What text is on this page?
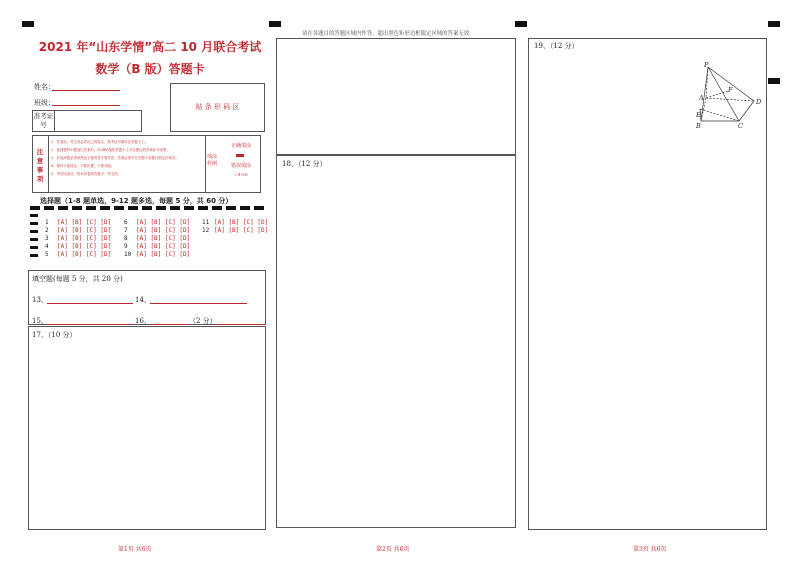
2021 年“山东学情”高二 10 月联合考试
数学（B 版）答题卡
姓名：
班级：
准考证
号
贴 条 形 码 区
注
意
事
项
1．答卷前，考生务必将自己的姓名、准考证号填写在答题卡上。
2．选择题每小题选出答案后，用2B铅笔把答题卡上对应题目的答案标号涂黑。
3．非选择题必须用黑色字迹的签字笔作答，答案必须写在答题卡各题目指定区域内。
4．保持卡面清洁，不要折叠，不要弄破。
5．考试结束后，将本试卷和答题卡一并交回。
填涂样例
正确填涂
错误填涂
✓✗⊙⊖
选择题（1-8 题单选，9-12 题多选，每题 5 分，共 60 分）
1 [A] [B] [C] [D]
2 [A] [B] [C] [D]
3 [A] [B] [C] [D]
4 [A] [B] [C] [D]
5 [A] [B] [C] [D]
6 [A] [B] [C] [D]
7 [A] [B] [C] [D]
8 [A] [B] [C] [D]
9 [A] [B] [C] [D]
10 [A] [B] [C] [D]
11 [A] [B] [C] [D]
12 [A] [B] [C] [D]
填空题(每题 5 分，共 20 分)
13、	14、
15、	16、	（2 分）
17、（10 分）
第1页 共6页
请在各题目的答题区域内作答，超出黑色矩形边框限定区域的答案无效
18、（12 分）
第2页 共6页
19、（12 分）
P
A
B	C
D
E
F
第3页 共6页
